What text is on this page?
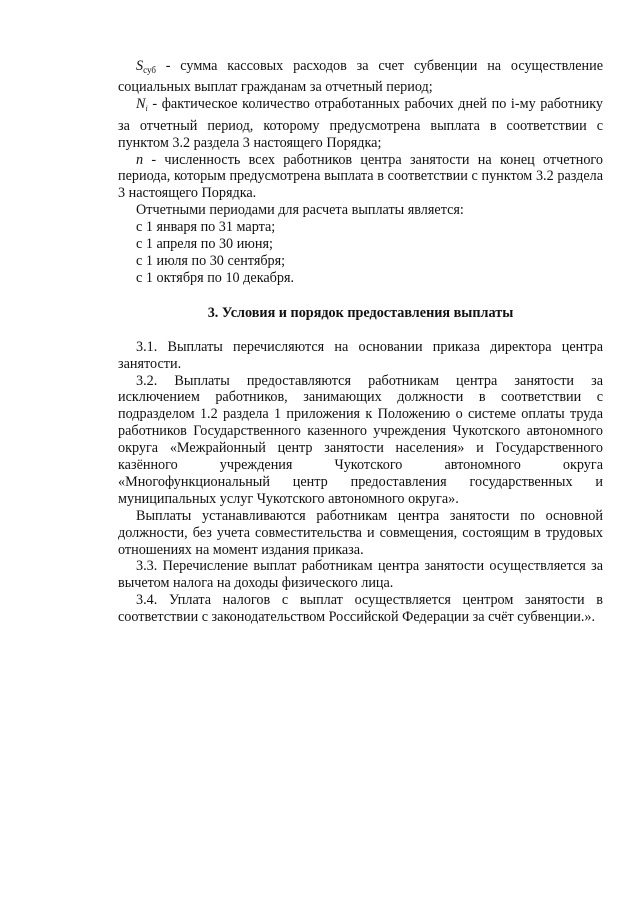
$S_{суб}$ - сумма кассовых расходов за счет субвенции на осуществление социальных выплат гражданам за отчетный период;

$N_i$ - фактическое количество отработанных рабочих дней по i-му работнику за отчетный период, которому предусмотрена выплата в соответствии с пунктом 3.2 раздела 3 настоящего Порядка;

n - численность всех работников центра занятости на конец отчетного периода, которым предусмотрена выплата в соответствии с пунктом 3.2 раздела 3 настоящего Порядка.

Отчетными периодами для расчета выплаты является:

с 1 января по 31 марта;

с 1 апреля по 30 июня;

с 1 июля по 30 сентября;

с 1 октября по 10 декабря.

3. Условия и порядок предоставления выплаты

3.1. Выплаты перечисляются на основании приказа директора центра занятости.

3.2. Выплаты предоставляются работникам центра занятости за исключением работников, занимающих должности в соответствии с подразделом 1.2 раздела 1 приложения к Положению о системе оплаты труда работников Государственного казенного учреждения Чукотского автономного округа «Межрайонный центр занятости населения» и Государственного казённого учреждения Чукотского автономного округа «Многофункциональный центр предоставления государственных и муниципальных услуг Чукотского автономного округа».

Выплаты устанавливаются работникам центра занятости по основной должности, без учета совместительства и совмещения, состоящим в трудовых отношениях на момент издания приказа.

3.3. Перечисление выплат работникам центра занятости осуществляется за вычетом налога на доходы физического лица.

3.4. Уплата налогов с выплат осуществляется центром занятости в соответствии с законодательством Российской Федерации за счёт субвенции.».
